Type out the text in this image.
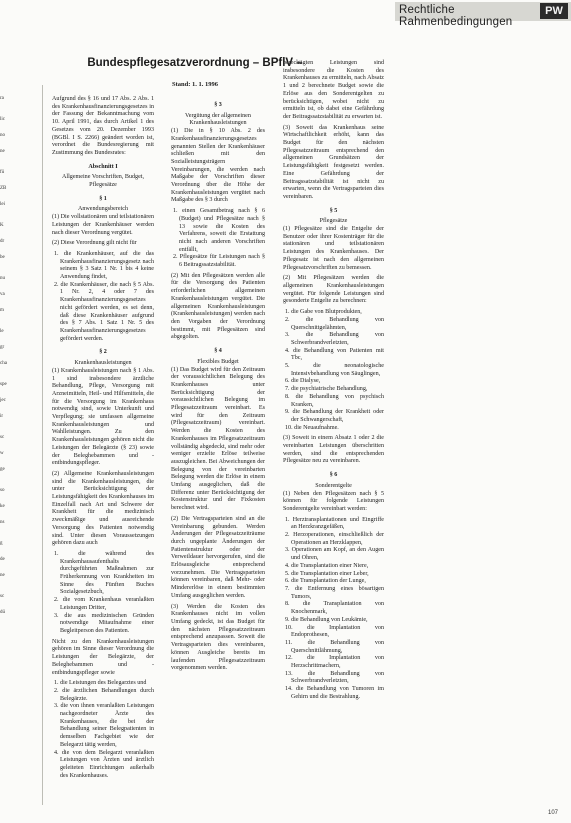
Rechtliche Rahmenbedingungen
PW
ra
lic
no
ne
fü
ZB
lei
K
dr
be
nu
va
m
le
gr
cha
spe
jec
ir
sc
w
ge
so
ke
ns
g
de
ne
sc
dü
Bundespflegesatzverordnung – BPflV –
Stand: 1. 1. 1996

Aufgrund des § 16 und 17 Abs. 2 Abs. 1 des Krankenhausfinanzierungsgesetzes in der Fassung der Bekanntmachung vom 10. April 1991, das durch Artikel 1 des Gesetzes vom 20. Dezember 1993 (BGBl. I S. 2266) geändert worden ist, verordnet die Bundesregierung mit Zustimmung des Bundesrates:

Abschnitt I

Allgemeine Vorschriften, Budget, Pflegesätze

§ 1

Anwendungsbereich

(1) Die vollstationären und teilstationären Leistungen der Krankenhäuser werden nach dieser Verordnung vergütet.

(2) Diese Verordnung gilt nicht für

1. die Krankenhäuser, auf die das Krankenhausfinanzierungsgesetz nach seinem § 3 Satz 1 Nr. 1 bis 4 keine Anwendung findet,
2. die Krankenhäuser, die nach § 5 Abs. 1 Nr. 2, 4 oder 7 des Krankenhausfinanzierungsgesetzes nicht gefördert werden, es sei denn, daß diese Krankenhäuser aufgrund des § 7 Abs. 1 Satz 1 Nr. 5 des Krankenhausfinanzierungsgesetzes gefördert werden.

§ 2

Krankenhausleistungen

(1) Krankenhausleistungen nach § 1 Abs. 1 sind insbesondere ärztliche Behandlung, Pflege, Versorgung mit Arzneimitteln, Heil- und Hilfsmitteln, die für die Versorgung im Krankenhaus notwendig sind, sowie Unterkunft und Verpflegung; sie umfassen allgemeine Krankenhausleistungen und Wahlleistungen. Zu den Krankenhausleistungen gehören nicht die Leistungen der Belegärzte (§ 23) sowie der Beleghebammen und -entbindungspfleger.

(2) Allgemeine Krankenhausleistungen sind die Krankenhausleistungen, die unter Berücksichtigung der Leistungsfähigkeit des Krankenhauses im Einzelfall nach Art und Schwere der Krankheit für die medizinisch zweckmäßige und ausreichende Versorgung des Patienten notwendig sind. Unter diesen Voraussetzungen gehören dazu auch

1. die während des Krankenhausaufenthalts durchgeführten Maßnahmen zur Früherkennung von Krankheiten im Sinne des Fünften Buches Sozialgesetzbuch,
2. die vom Krankenhaus veranlaßten Leistungen Dritter,
3. die aus medizinischen Gründen notwendige Mitaufnahme einer Begleitperson des Patienten.

Nicht zu den Krankenhausleistungen gehören im Sinne dieser Verordnung die Leistungen der Belegärzte, der Beleghebammen und -entbindungspfleger sowie

1. die Leistungen des Belegarztes und
2. die ärztlichen Behandlungen durch Belegärzte.
3. die von ihnen veranlaßten Leistungen nachgeordneter Ärzte des Krankenhauses, die bei der Behandlung seiner Belegpatienten in demselben Fachgebiet wie der Belegarzt tätig werden,
4. die von dem Belegarzt veranlaßten Leistungen von Ärzten und ärztlich geleiteten Einrichtungen außerhalb des Krankenhauses.

§ 3

Vergütung der allgemeinen Krankenhausleistungen

(1) Die in § 10 Abs. 2 des Krankenhausfinanzierungsgesetzes genannten Stellen der Krankenhäuser schließen mit den Sozialleistungsträgern Vereinbarungen, die werden nach Maßgabe der Vorschriften dieser Verordnung über die Höhe der Krankenhausleistungen vergütet nach Maßgabe des § 3 durch

1. einen Gesamtbetrag nach § 6 (Budget) und Pflegesätze nach § 13 sowie die Kosten des Verfahrens, soweit die Erstattung nicht nach anderen Vorschriften entfällt,
2. Pflegesätze für Leistungen nach § 6 Beitragssatzstabilität.

(2) Mit den Pflegesätzen werden alle für die Versorgung des Patienten erforderlichen allgemeinen Krankenhausleistungen vergütet. Die allgemeinen Krankenhausleistungen (Krankenhausleistungen) werden nach den Vorgaben der Verordnung bestimmt, mit Pflegesätzen sind abgegolten.

§ 4

Flexibles Budget

(1) Das Budget wird für den Zeitraum der voraussichtlichen Belegung des Krankenhauses unter Berücksichtigung der voraussichtlichen Belegung im Pflegesatzzeitraum vereinbart. Es wird für den Zeitraum (Pflegesatzzeitraum) vereinbart. Werden die Kosten des Krankenhauses im Pflegesatzzeitraum vollständig abgedeckt, sind mehr oder weniger erzielte Erlöse teilweise auszugleichen. Bei Abweichungen der Belegung von der vereinbarten Belegung werden die Erlöse in einem Umfang ausgeglichen, daß die Differenz unter Berücksichtigung der Kostenstruktur und der Fixkosten berechnet wird.

(2) Die Vertragsparteien sind an die Vereinbarung gebunden. Werden Änderungen der Pflegesatzzeiträume durch ungeplante Änderungen der Patientenstruktur oder der Verweildauer hervorgerufen, sind die Erlösausgleiche entsprechend vorzunehmen. Die Vertragsparteien können vereinbaren, daß Mehr- oder Mindererlöse in einem bestimmten Umfang ausgeglichen werden.

(3) Werden die Kosten des Krankenhauses nicht im vollen Umfang gedeckt, ist das Budget für den nächsten Pflegesatzzeitraum entsprechend anzupassen. Soweit die Vertragsparteien dies vereinbaren, können Ausgleiche bereits im laufenden Pflegesatzzeitraum vorgenommen werden.

berechtigten Leistungen sind insbesondere die Kosten des Krankenhauses zu ermitteln, nach Absatz 1 und 2 berechnete Budget sowie die Erlöse aus den Sonderentgelten zu berücksichtigen, wobei nicht zu ermitteln ist, ob dabei eine Gefährdung der Beitragssatzstabilität zu erwarten ist.

(3) Soweit das Krankenhaus seine Wirtschaftlichkeit erhöht, kann das Budget für den nächsten Pflegesatzzeitraum entsprechend den allgemeinen Grundsätzen der Leistungsfähigkeit festgesetzt werden. Eine Gefährdung der Beitragssatzstabilität ist nicht zu erwarten, wenn die Vertragsparteien dies vereinbaren.

§ 5

Pflegesätze

(1) Pflegesätze sind die Entgelte der Benutzer oder ihrer Kostenträger für die stationären und teilstationären Leistungen des Krankenhauses. Der Pflegesatz ist nach den allgemeinen Pflegesatzvorschriften zu bemessen.

(2) Mit Pflegesätzen werden die allgemeinen Krankenhausleistungen vergütet. Für folgende Leistungen sind gesonderte Entgelte zu berechnen:

1. die Gabe von Blutprodukten,
2. die Behandlung von Querschnittgelähmten,
3. die Behandlung von Schwerbrandverletzten,
4. die Behandlung von Patienten mit Tbc,
5. die neonatologische Intensivbehandlung von Säuglingen,
6. die Dialyse,
7. die psychiatrische Behandlung,
8. die Behandlung von psychisch Kranken,
9. die Behandlung der Krankheit oder der Schwangerschaft,
10. die Neuaufnahme.

(3) Soweit in einem Absatz 1 oder 2 die vereinbarten Leistungen überschritten werden, sind die entsprechenden Pflegesätze neu zu vereinbaren.

§ 6

Sonderentgelte

(1) Neben den Pflegesätzen nach § 5 können für folgende Leistungen Sonderentgelte vereinbart werden:

1. Herztransplantationen und Eingriffe an Herzkranzgefäßen,
2. Herzoperationen, einschließlich der Operationen an Herzklappen,
3. Operationen am Kopf, an den Augen und Ohren,
4. die Transplantation einer Niere,
5. die Transplantation einer Leber,
6. die Transplantation der Lunge,
7. die Entfernung eines bösartigen Tumors,
8. die Transplantation von Knochenmark,
9. die Behandlung von Leukämie,
10. die Implantation von Endoprothesen,
11. die Behandlung von Querschnittlähmung,
12. die Implantation von Herzschrittmachern,
13. die Behandlung von Schwerbrandverletzten,
14. die Behandlung von Tumoren im Gehirn und die Bestrahlung.
107
